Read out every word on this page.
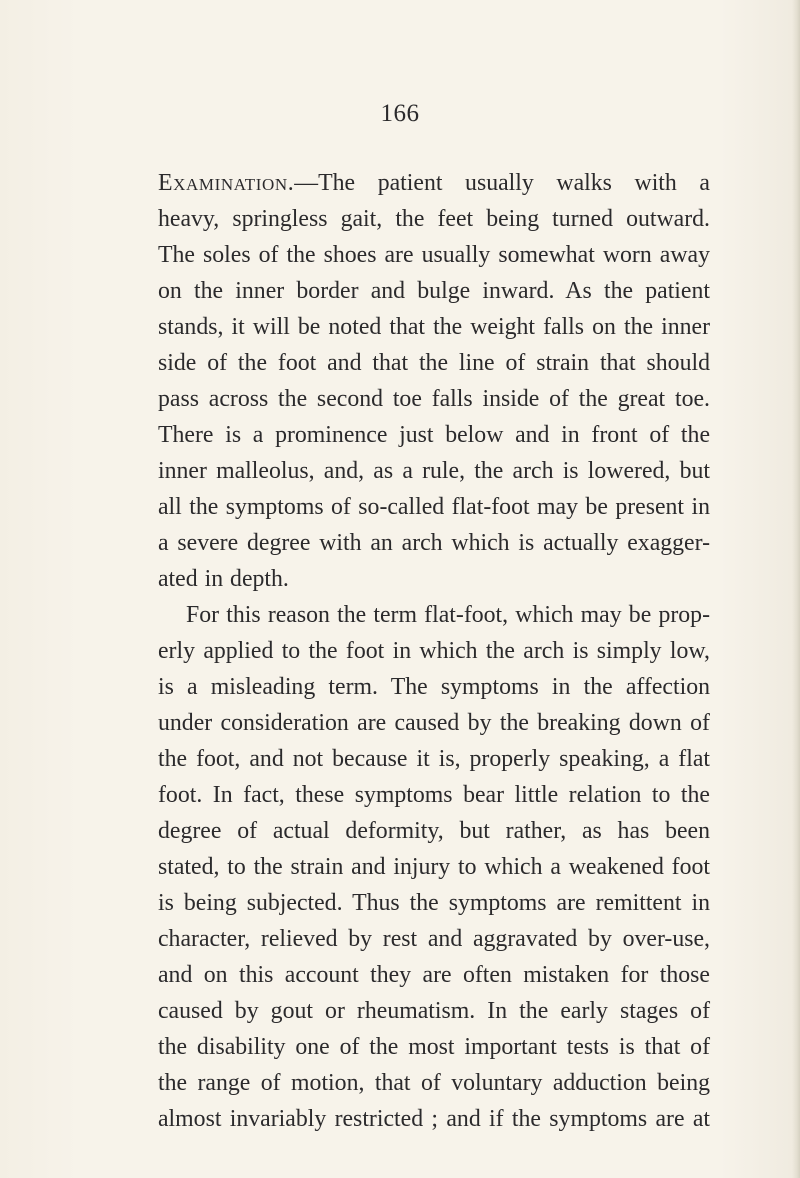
166
Examination.—The patient usually walks with a
heavy, springless gait, the feet being turned outward.
The soles of the shoes are usually somewhat worn away
on the inner border and bulge inward. As the patient
stands, it will be noted that the weight falls on the inner
side of the foot and that the line of strain that should
pass across the second toe falls inside of the great toe.
There is a prominence just below and in front of the
inner malleolus, and, as a rule, the arch is lowered, but
all the symptoms of so-called flat-foot may be present in
a severe degree with an arch which is actually exagger-
ated in depth.
For this reason the term flat-foot, which may be prop-
erly applied to the foot in which the arch is simply low,
is a misleading term. The symptoms in the affection
under consideration are caused by the breaking down of
the foot, and not because it is, properly speaking, a flat
foot. In fact, these symptoms bear little relation to the
degree of actual deformity, but rather, as has been
stated, to the strain and injury to which a weakened foot
is being subjected. Thus the symptoms are remittent in
character, relieved by rest and aggravated by over-use,
and on this account they are often mistaken for those
caused by gout or rheumatism. In the early stages of
the disability one of the most important tests is that of
the range of motion, that of voluntary adduction being
almost invariably restricted ; and if the symptoms are at
